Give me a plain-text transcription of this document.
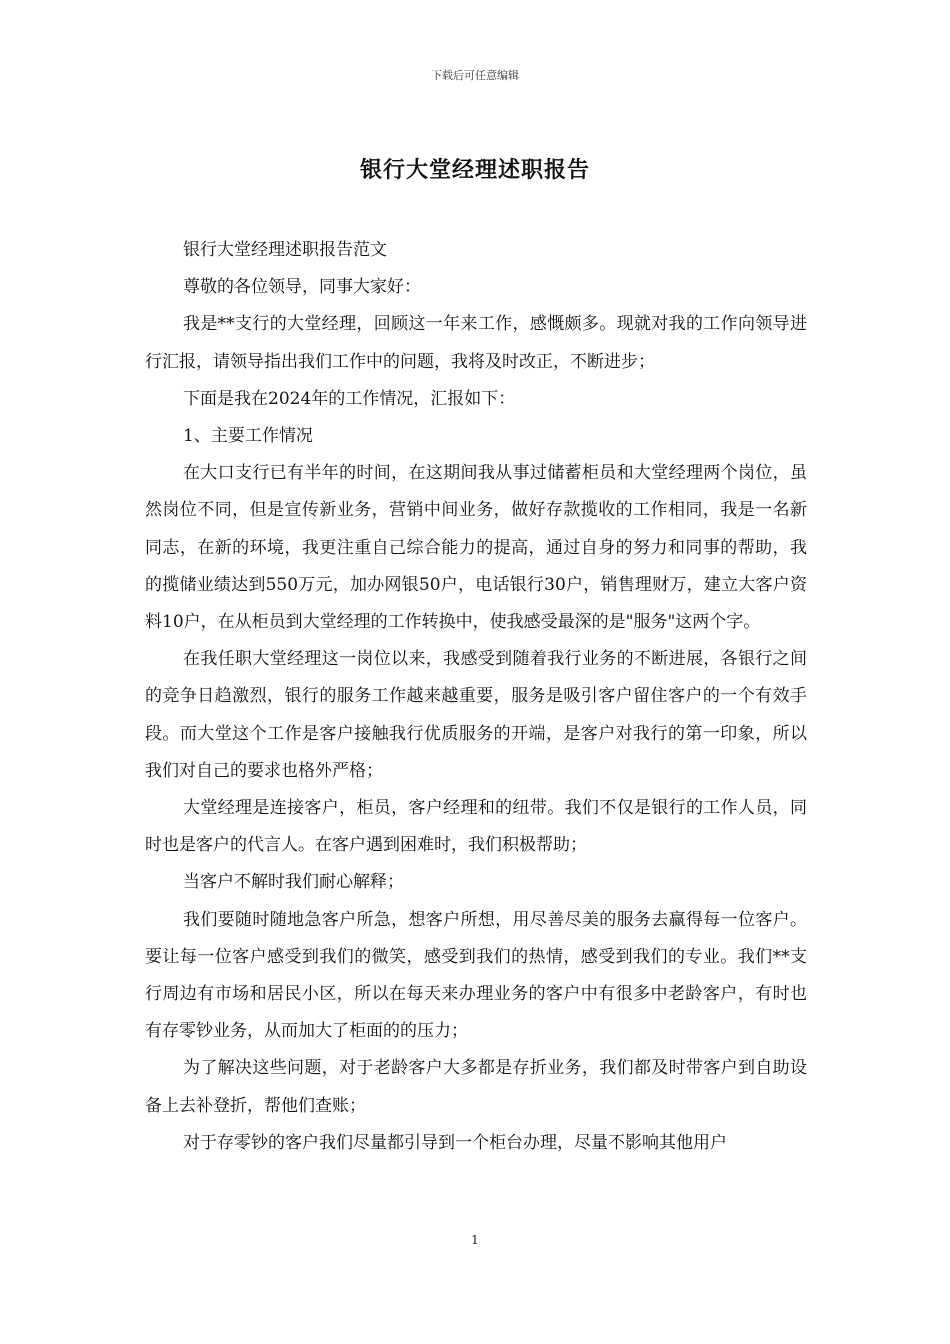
下载后可任意编辑
银行大堂经理述职报告

银行大堂经理述职报告范文

尊敬的各位领导，同事大家好：

我是**支行的大堂经理，回顾这一年来工作，感慨颇多。现就对我的工作向领导进行汇报，请领导指出我们工作中的问题，我将及时改正，不断进步；

下面是我在2024年的工作情况，汇报如下：

1、主要工作情况

在大口支行已有半年的时间，在这期间我从事过储蓄柜员和大堂经理两个岗位，虽然岗位不同，但是宣传新业务，营销中间业务，做好存款揽收的工作相同，我是一名新同志，在新的环境，我更注重自己综合能力的提高，通过自身的努力和同事的帮助，我的揽储业绩达到550万元，加办网银50户，电话银行30户，销售理财万，建立大客户资料10户，在从柜员到大堂经理的工作转换中，使我感受最深的是"服务"这两个字。

在我任职大堂经理这一岗位以来，我感受到随着我行业务的不断进展，各银行之间的竞争日趋激烈，银行的服务工作越来越重要，服务是吸引客户留住客户的一个有效手段。而大堂这个工作是客户接触我行优质服务的开端，是客户对我行的第一印象，所以我们对自己的要求也格外严格；

大堂经理是连接客户，柜员，客户经理和的纽带。我们不仅是银行的工作人员，同时也是客户的代言人。在客户遇到困难时，我们积极帮助；

当客户不解时我们耐心解释；

我们要随时随地急客户所急，想客户所想，用尽善尽美的服务去赢得每一位客户。要让每一位客户感受到我们的微笑，感受到我们的热情，感受到我们的专业。我们**支行周边有市场和居民小区，所以在每天来办理业务的客户中有很多中老龄客户，有时也有存零钞业务，从而加大了柜面的的压力；

为了解决这些问题，对于老龄客户大多都是存折业务，我们都及时带客户到自助设备上去补登折，帮他们查账；

对于存零钞的客户我们尽量都引导到一个柜台办理，尽量不影响其他用户

1
